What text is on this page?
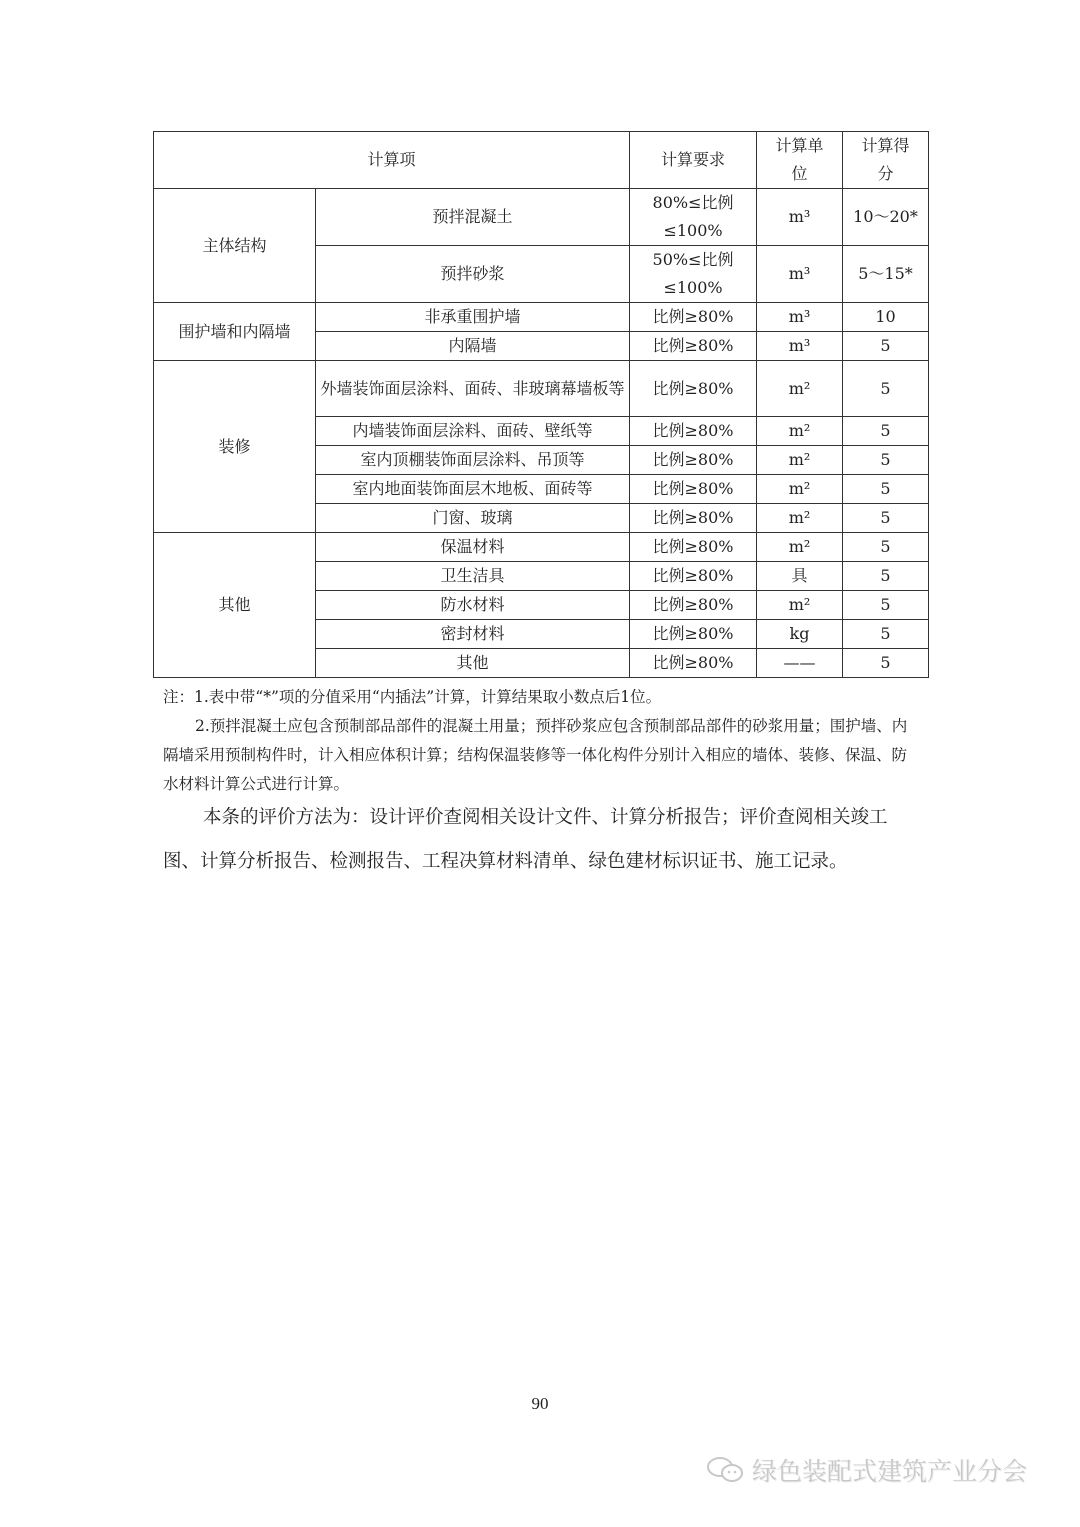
计算项		计算要求	计算单位	计算得分
主体结构	预拌混凝土	80%≤比例≤100%	m³	10～20*
	预拌砂浆	50%≤比例≤100%	m³	5～15*
围护墙和内隔墙	非承重围护墙	比例≥80%	m³	10
	内隔墙	比例≥80%	m³	5
装修	外墙装饰面层涂料、面砖、非玻璃幕墙板等	比例≥80%	m²	5
	内墙装饰面层涂料、面砖、壁纸等	比例≥80%	m²	5
	室内顶棚装饰面层涂料、吊顶等	比例≥80%	m²	5
	室内地面装饰面层木地板、面砖等	比例≥80%	m²	5
	门窗、玻璃	比例≥80%	m²	5
其他	保温材料	比例≥80%	m²	5
	卫生洁具	比例≥80%	具	5
	防水材料	比例≥80%	m²	5
	密封材料	比例≥80%	kg	5
	其他	比例≥80%	——	5

注：1.表中带“*”项的分值采用“内插法”计算，计算结果取小数点后1位。

2.预拌混凝土应包含预制部品部件的混凝土用量；预拌砂浆应包含预制部品部件的砂浆用量；围护墙、内隔墙采用预制构件时，计入相应体积计算；结构保温装修等一体化构件分别计入相应的墙体、装修、保温、防水材料计算公式进行计算。

本条的评价方法为：设计评价查阅相关设计文件、计算分析报告；评价查阅相关竣工图、计算分析报告、检测报告、工程决算材料清单、绿色建材标识证书、施工记录。

90
绿色装配式建筑产业分会
